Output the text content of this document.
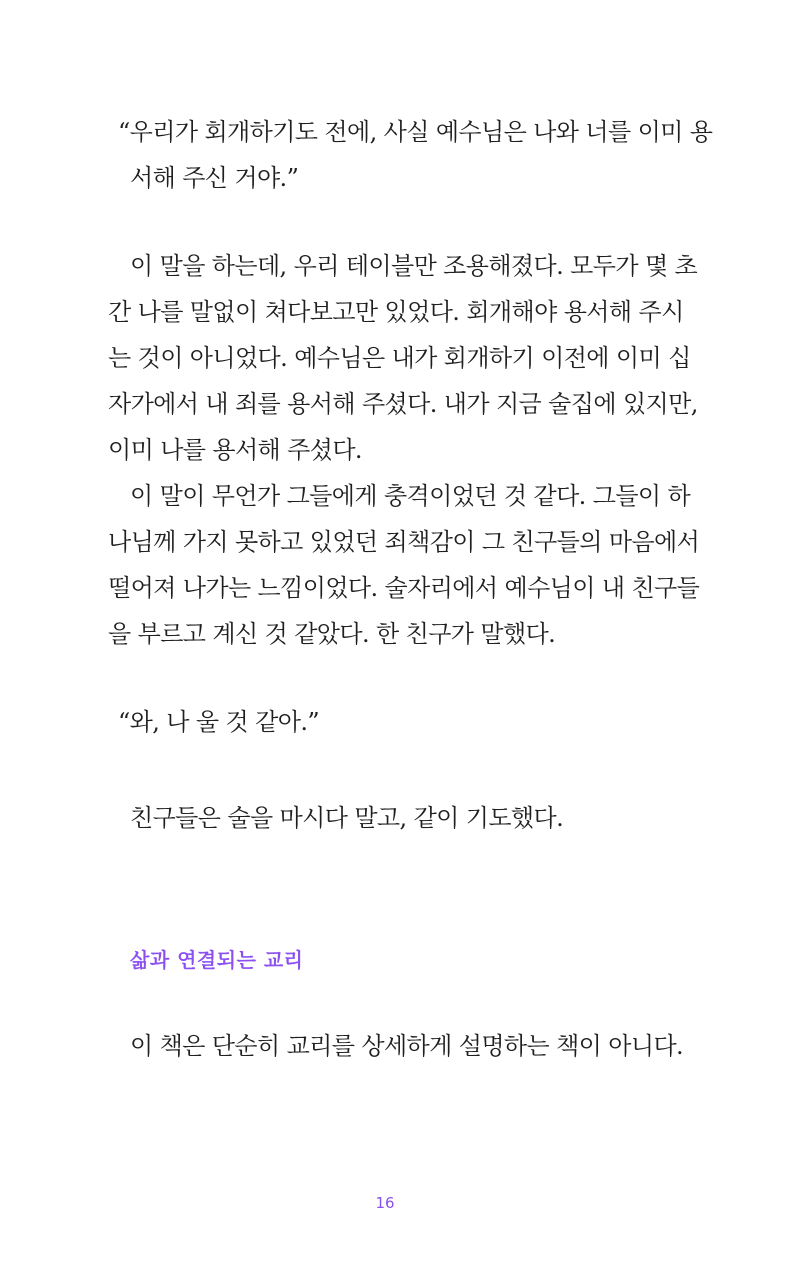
“우리가 회개하기도 전에, 사실 예수님은 나와 너를 이미 용

서해 주신 거야.”

이 말을 하는데, 우리 테이블만 조용해졌다. 모두가 몇 초

간 나를 말없이 쳐다보고만 있었다. 회개해야 용서해 주시

는 것이 아니었다. 예수님은 내가 회개하기 이전에 이미 십

자가에서 내 죄를 용서해 주셨다. 내가 지금 술집에 있지만,

이미 나를 용서해 주셨다.

이 말이 무언가 그들에게 충격이었던 것 같다. 그들이 하

나님께 가지 못하고 있었던 죄책감이 그 친구들의 마음에서

떨어져 나가는 느낌이었다. 술자리에서 예수님이 내 친구들

을 부르고 계신 것 같았다. 한 친구가 말했다.

“와, 나 울 것 같아.”

친구들은 술을 마시다 말고, 같이 기도했다.

삶과 연결되는 교리

이 책은 단순히 교리를 상세하게 설명하는 책이 아니다.

16
